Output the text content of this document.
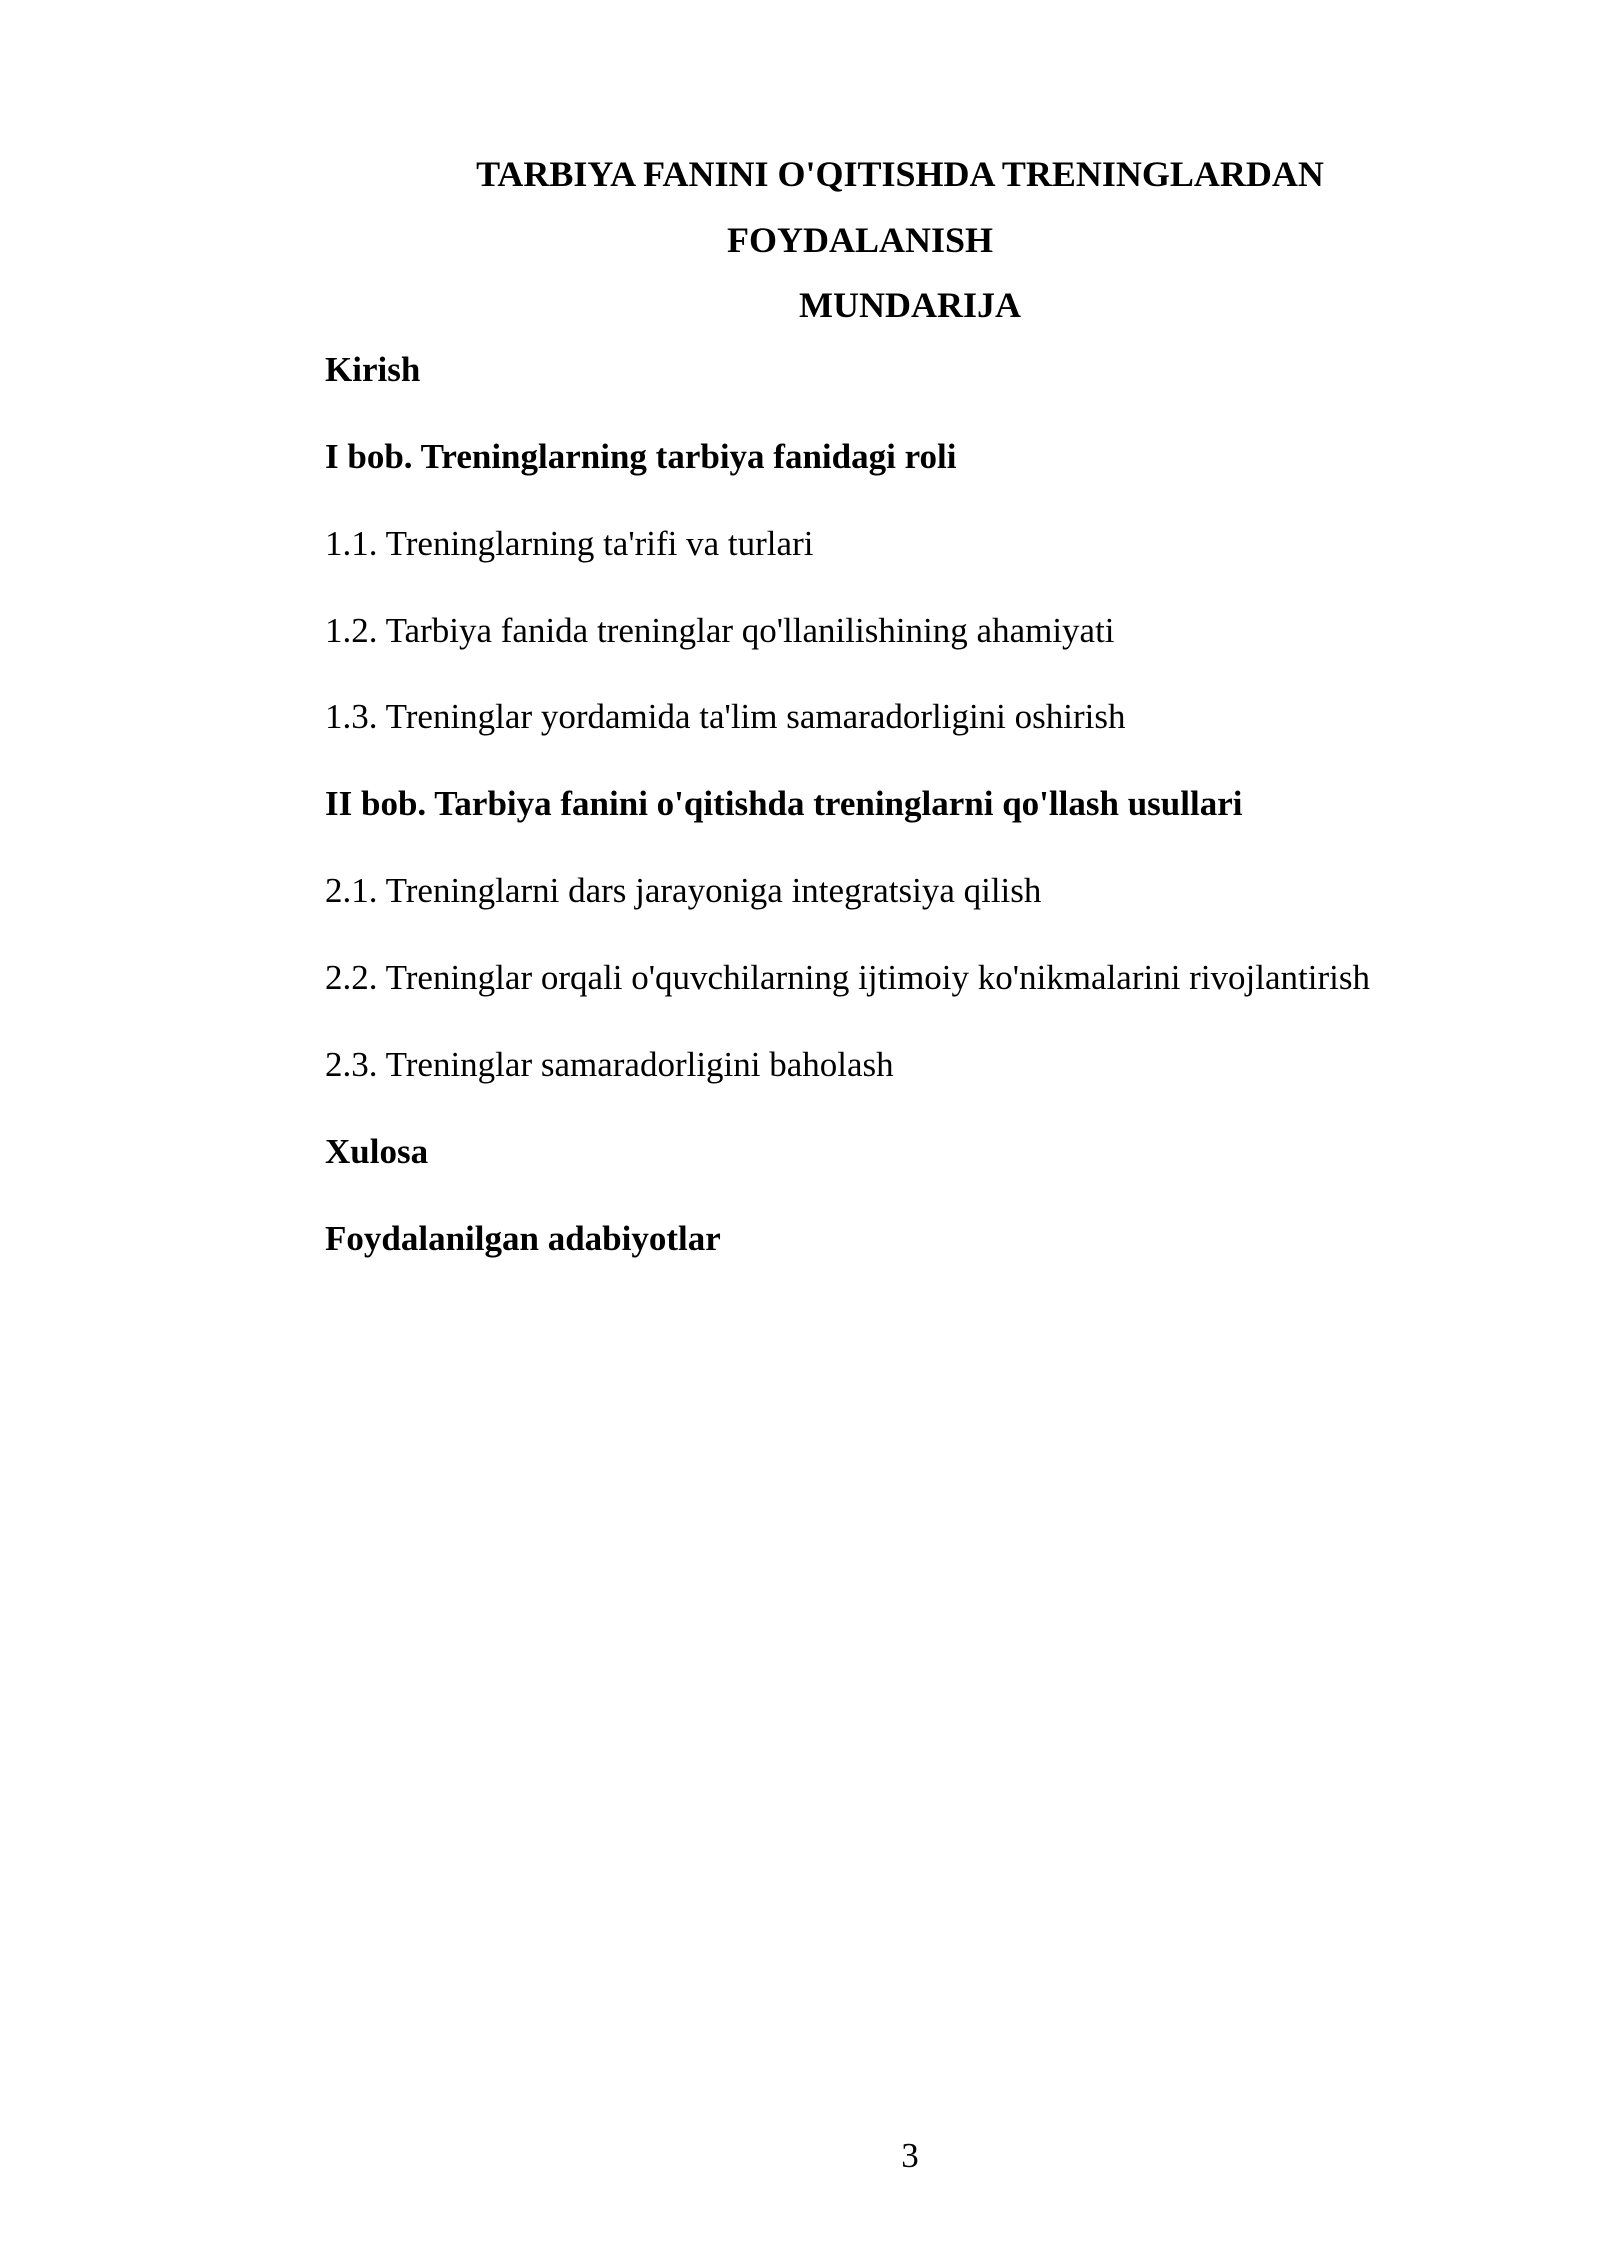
TARBIYA FANINI O'QITISHDA TRENINGLARDAN
FOYDALANISH
MUNDARIJA
Kirish
I bob. Treninglarning tarbiya fanidagi roli
1.1. Treninglarning ta'rifi va turlari
1.2. Tarbiya fanida treninglar qo'llanilishining ahamiyati
1.3. Treninglar yordamida ta'lim samaradorligini oshirish
II bob. Tarbiya fanini o'qitishda treninglarni qo'llash usullari
2.1. Treninglarni dars jarayoniga integratsiya qilish
2.2. Treninglar orqali o'quvchilarning ijtimoiy ko'nikmalarini rivojlantirish
2.3. Treninglar samaradorligini baholash
Xulosa
Foydalanilgan adabiyotlar
3
